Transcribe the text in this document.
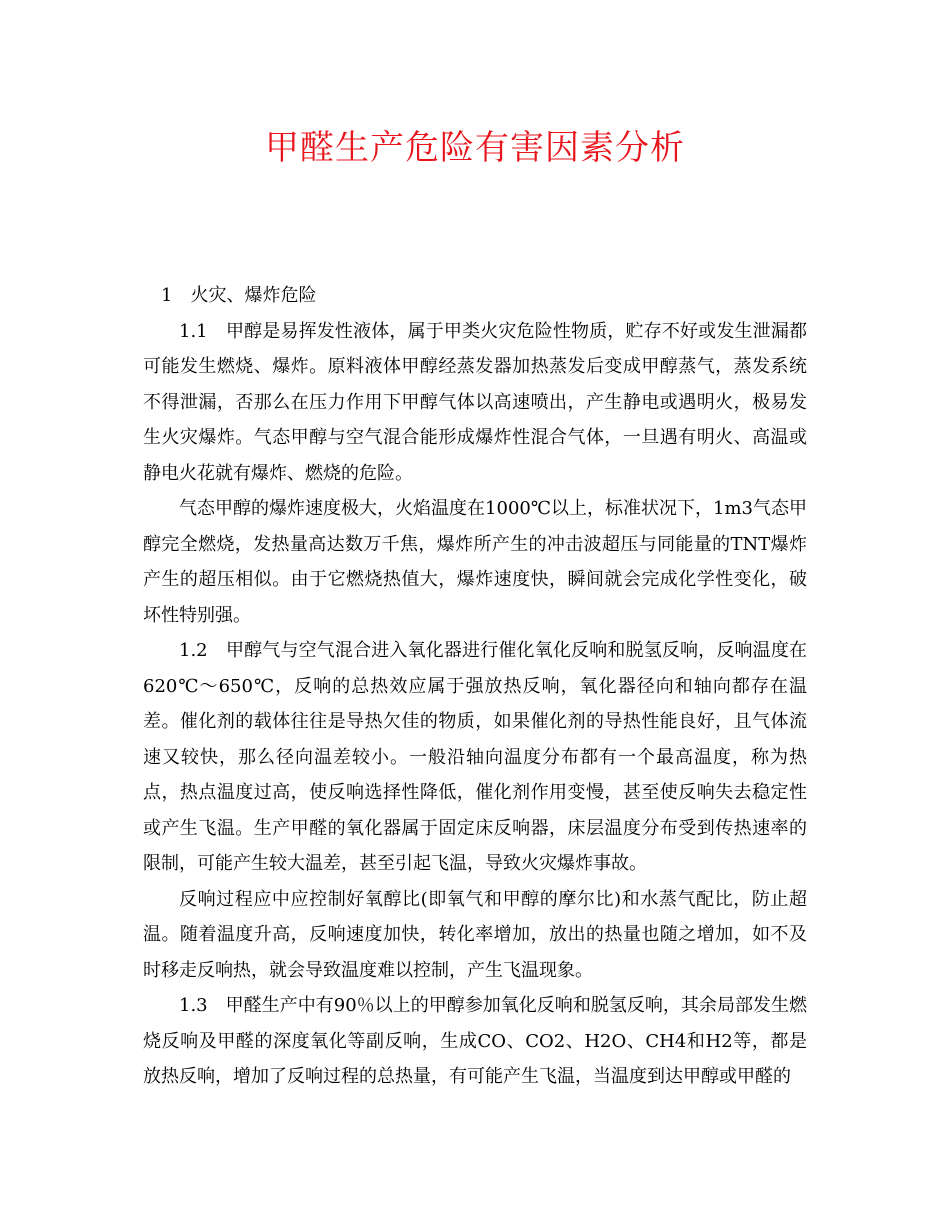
甲醛生产危险有害因素分析

1　火灾、爆炸危险

1.1　甲醇是易挥发性液体，属于甲类火灾危险性物质，贮存不好或发生泄漏都可能发生燃烧、爆炸。原料液体甲醇经蒸发器加热蒸发后变成甲醇蒸气，蒸发系统不得泄漏，否那么在压力作用下甲醇气体以高速喷出，产生静电或遇明火，极易发生火灾爆炸。气态甲醇与空气混合能形成爆炸性混合气体，一旦遇有明火、高温或静电火花就有爆炸、燃烧的危险。

气态甲醇的爆炸速度极大，火焰温度在1000℃以上，标准状况下，1m3气态甲醇完全燃烧，发热量高达数万千焦，爆炸所产生的冲击波超压与同能量的TNT爆炸产生的超压相似。由于它燃烧热值大，爆炸速度快，瞬间就会完成化学性变化，破坏性特别强。

1.2　甲醇气与空气混合进入氧化器进行催化氧化反响和脱氢反响，反响温度在620℃～650℃，反响的总热效应属于强放热反响，氧化器径向和轴向都存在温差。催化剂的载体往往是导热欠佳的物质，如果催化剂的导热性能良好，且气体流速又较快，那么径向温差较小。一般沿轴向温度分布都有一个最高温度，称为热点，热点温度过高，使反响选择性降低，催化剂作用变慢，甚至使反响失去稳定性或产生飞温。生产甲醛的氧化器属于固定床反响器，床层温度分布受到传热速率的限制，可能产生较大温差，甚至引起飞温，导致火灾爆炸事故。

反响过程应中应控制好氧醇比(即氧气和甲醇的摩尔比)和水蒸气配比，防止超温。随着温度升高，反响速度加快，转化率增加，放出的热量也随之增加，如不及时移走反响热，就会导致温度难以控制，产生飞温现象。

1.3　甲醛生产中有90％以上的甲醇参加氧化反响和脱氢反响，其余局部发生燃烧反响及甲醛的深度氧化等副反响，生成CO、CO2、H2O、CH4和H2等，都是放热反响，增加了反响过程的总热量，有可能产生飞温，当温度到达甲醇或甲醛的
